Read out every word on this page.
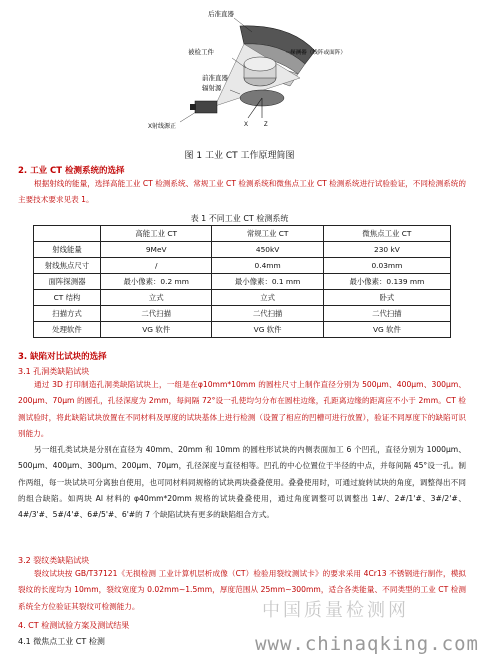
后准直器
被检工件	探测器（线阵或面阵）
前准直器
辐射源
X射线源正	X	Z
图 1 工业 CT 工作原理简图
2. 工业 CT 检测系统的选择

根据射线的能量，选择高能工业 CT 检测系统、常规工业 CT 检测系统和微焦点工业 CT 检测系统进行试验验证，不同检测系统的主要技术要求见表 1。

表 1 不同工业 CT 检测系统
	高能工业 CT	常规工业 CT	微焦点工业 CT
射线能量	9MeV	450kV	230 kV
射线焦点尺寸	/	0.4mm	0.03mm
面阵探测器	最小像素：0.2 mm	最小像素：0.1 mm	最小像素：0.139 mm
CT 结构	立式	立式	卧式
扫描方式	二代扫描	二代扫描	二代扫描
处理软件	VG 软件	VG 软件	VG 软件
3. 缺陷对比试块的选择
3.1 孔洞类缺陷试块

通过 3D 打印制造孔洞类缺陷试块上，一组是在φ10mm*10mm 的圆柱尺寸上制作直径分别为 500μm、400μm、300μm、200μm、70μm 的圆孔，孔径深度为 2mm，每间隔 72°设一孔使均匀分布在圆柱边缘，孔距离边缘的距离应不小于 2mm。CT 检测试验时，将此缺陷试块放置在不同材料及厚度的试块基体上进行检测（设置了相应的凹槽可进行放置），验证不同厚度下的缺陷可识别能力。

另一组孔类试块是分别在直径为 40mm、20mm 和 10mm 的圆柱形试块的内侧表面加工 6 个凹孔，直径分别为 1000μm、500μm、400μm、300μm、200μm、70μm，孔径深度与直径相等。凹孔的中心位置位于半径的中点，并每间隔 45°设一孔。制作两组，每一块试块可分离独自使用，也可同材料同规格的试块两块叠叠使用。叠叠使用时，可通过旋转试块的角度，调整得出不同的组合缺陷。如两块 Al 材料的 φ40mm*20mm 规格的试块叠叠使用，通过角度调整可以调整出 1#/、2#/1'#、3#/2'#、4#/3'#、5#/4'#、6#/5'#、6'#的 7 个缺陷试块有更多的缺陷组合方式。

3.2 裂纹类缺陷试块

裂纹试块按 GB/T37121《无损检测 工业计算机层析成像（CT）检验用裂纹测试卡》的要求采用 4Cr13 不锈钢进行制作，模拟裂纹的长度均为 10mm，裂纹宽度为 0.02mm~1.5mm，厚度范围从 25mm~300mm，适合各类能量、不同类型的工业 CT 检测系统全方位验证其裂纹可检测能力。

4. CT 检测试验方案及测试结果
4.1 微焦点工业 CT 检测
中国质量检测网
www.chinaqking.com
